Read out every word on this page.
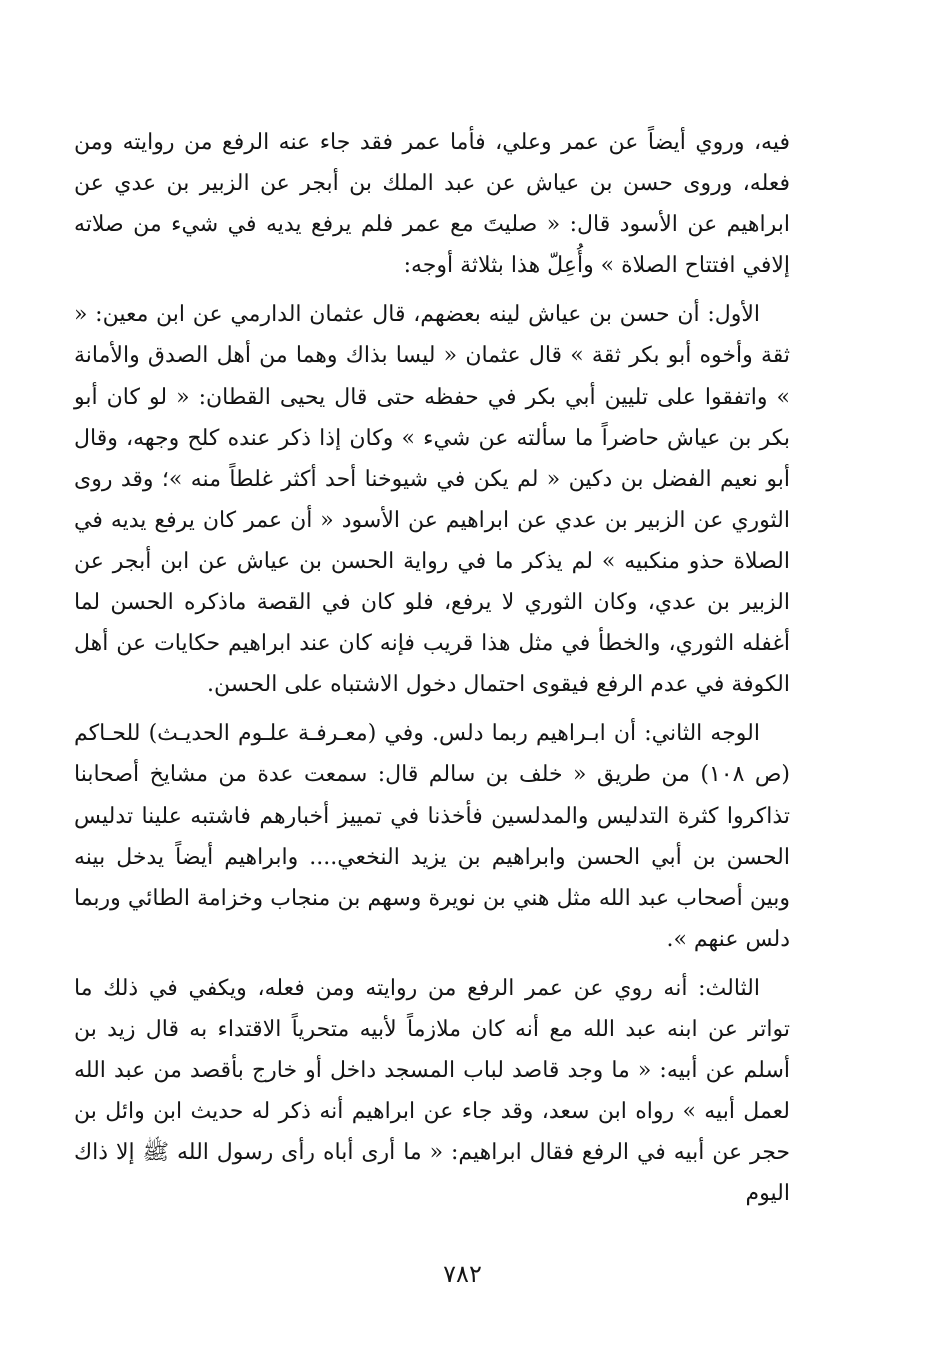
فيه، وروي أيضاً عن عمر وعلي، فأما عمر فقد جاء عنه الرفع من روايته ومن فعله، وروى حسن بن عياش عن عبد الملك بن أبجر عن الزبير بن عدي عن ابراهيم عن الأسود قال: « صليتَ مع عمر فلم يرفع يديه في شيء من صلاته إلافي افتتاح الصلاة » وأُعِلّ هذا بثلاثة أوجه:

الأول: أن حسن بن عياش لينه بعضهم، قال عثمان الدارمي عن ابن معين: « ثقة وأخوه أبو بكر ثقة » قال عثمان « ليسا بذاك وهما من أهل الصدق والأمانة » واتفقوا على تليين أبي بكر في حفظه حتى قال يحيى القطان: « لو كان أبو بكر بن عياش حاضراً ما سألته عن شيء » وكان إذا ذكر عنده كلح وجهه، وقال أبو نعيم الفضل بن دكين « لم يكن في شيوخنا أحد أكثر غلطاً منه »؛ وقد روى الثوري عن الزبير بن عدي عن ابراهيم عن الأسود « أن عمر كان يرفع يديه في الصلاة حذو منكبيه » لم يذكر ما في رواية الحسن بن عياش عن ابن أبجر عن الزبير بن عدي، وكان الثوري لا يرفع، فلو كان في القصة ماذكره الحسن لما أغفله الثوري، والخطأ في مثل هذا قريب فإنه كان عند ابراهيم حكايات عن أهل الكوفة في عدم الرفع فيقوى احتمال دخول الاشتباه على الحسن.

الوجه الثاني: أن ابـراهيم ربما دلس. وفي (معـرفـة علـوم الحديـث) للحـاكم (ص ١٠٨) من طريق « خلف بن سالم قال: سمعت عدة من مشايخ أصحابنا تذاكروا كثرة التدليس والمدلسين فأخذنا في تمييز أخبارهم فاشتبه علينا تدليس الحسن بن أبي الحسن وابراهيم بن يزيد النخعي.... وابراهيم أيضاً يدخل بينه وبين أصحاب عبد الله مثل هني بن نويرة وسهم بن منجاب وخزامة الطائي وربما دلس عنهم ».

الثالث: أنه روي عن عمر الرفع من روايته ومن فعله، ويكفي في ذلك ما تواتر عن ابنه عبد الله مع أنه كان ملازماً لأبيه متحرياً الاقتداء به قال زيد بن أسلم عن أبيه: « ما وجد قاصد لباب المسجد داخل أو خارج بأقصد من عبد الله لعمل أبيه » رواه ابن سعد، وقد جاء عن ابراهيم أنه ذكر له حديث ابن وائل بن حجر عن أبيه في الرفع فقال ابراهيم: « ما أرى أباه رأى رسول الله ﷺ إلا ذاك اليوم

٧٨٢
